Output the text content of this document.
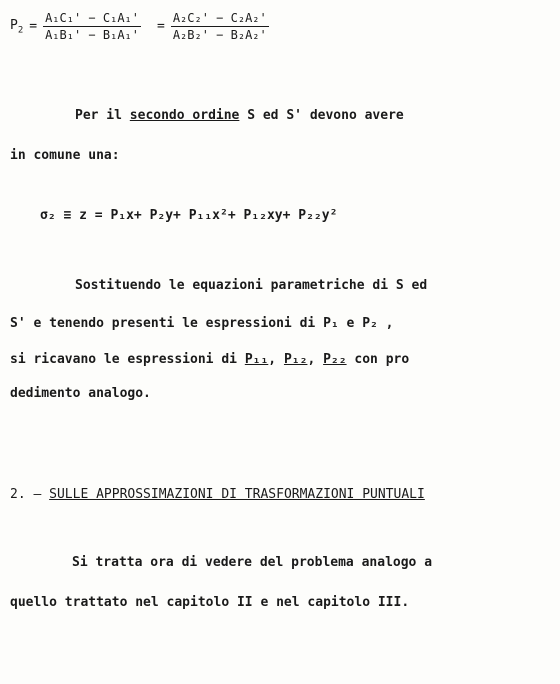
$P_2 = \frac{\text{A₁C₁' − C₁A₁'}}{\text{A₁B₁' − B₁A₁'}} = \frac{\text{A₂C₂' − C₂A₂'}}{\text{A₂B₂' − B₂A₂'}}$
Per il secondo ordine S ed S' devono avere
in comune una:
σ₂ ≡ z = P₁x+ P₂y+ P₁₁x²+ P₁₂xy+ P₂₂y²
Sostituendo le equazioni parametriche di S ed
S' e tenendo presenti le espressioni di P₁ e P₂ ,
si ricavano le espressioni di P₁₁, P₁₂, P₂₂ con pro
dedimento analogo.
2. – SULLE APPROSSIMAZIONI DI TRASFORMAZIONI PUNTUALI
Si tratta ora di vedere del problema analogo a
quello trattato nel capitolo II e nel capitolo III.
